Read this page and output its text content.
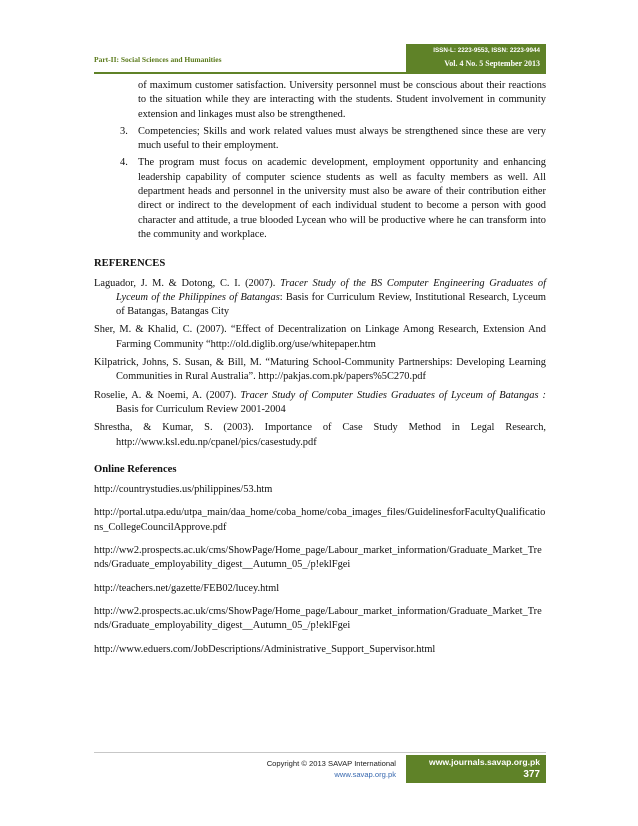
Part-II: Social Sciences and Humanities
ISSN-L: 2223-9553, ISSN: 2223-9944
Vol. 4 No. 5 September 2013
of maximum customer satisfaction. University personnel must be conscious about their reactions to the situation while they are interacting with the students. Student involvement in community extension and linkages must also be strengthened.
3. Competencies; Skills and work related values must always be strengthened since these are very much useful to their employment.
4. The program must focus on academic development, employment opportunity and enhancing leadership capability of computer science students as well as faculty members as well. All department heads and personnel in the university must also be aware of their contribution either direct or indirect to the development of each individual student to become a person with good character and attitude, a true blooded Lycean who will be productive where he can transform into the community and workplace.
REFERENCES
Laguador, J. M. & Dotong, C. I. (2007). Tracer Study of the BS Computer Engineering Graduates of Lyceum of the Philippines of Batangas: Basis for Curriculum Review, Institutional Research, Lyceum of Batangas, Batangas City
Sher, M. & Khalid, C. (2007). “Effect of Decentralization on Linkage Among Research, Extension And Farming Community “http://old.diglib.org/use/whitepaper.htm
Kilpatrick, Johns, S. Susan, & Bill, M. “Maturing School-Community Partnerships: Developing Learning Communities in Rural Australia”. http://pakjas.com.pk/papers%5C270.pdf
Roselie, A. & Noemi, A. (2007). Tracer Study of Computer Studies Graduates of Lyceum of Batangas : Basis for Curriculum Review 2001-2004
Shrestha, & Kumar, S. (2003). Importance of Case Study Method in Legal Research, http://www.ksl.edu.np/cpanel/pics/casestudy.pdf
Online References
http://countrystudies.us/philippines/53.htm
http://portal.utpa.edu/utpa_main/daa_home/coba_home/coba_images_files/GuidelinesforFacultyQualifications_CollegeCouncilApprove.pdf
http://ww2.prospects.ac.uk/cms/ShowPage/Home_page/Labour_market_information/Graduate_Market_Trends/Graduate_employability_digest__Autumn_05_/p!eklFgei
http://teachers.net/gazette/FEB02/lucey.html
http://ww2.prospects.ac.uk/cms/ShowPage/Home_page/Labour_market_information/Graduate_Market_Trends/Graduate_employability_digest__Autumn_05_/p!eklFgei
http://www.eduers.com/JobDescriptions/Administrative_Support_Supervisor.html
Copyright © 2013 SAVAP International
www.savap.org.pk
www.journals.savap.org.pk
377
